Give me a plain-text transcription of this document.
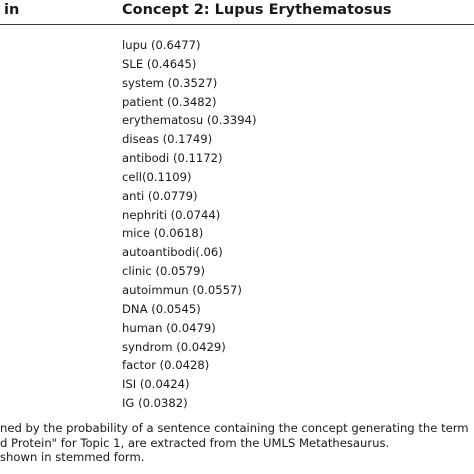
in	Concept 2: Lupus Erythematosus
lupu (0.6477)
SLE (0.4645)
system (0.3527)
patient (0.3482)
erythematosu (0.3394)
diseas (0.1749)
antibodi (0.1172)
cell(0.1109)
anti (0.0779)
nephriti (0.0744)
mice (0.0618)
autoantibodi(.06)
clinic (0.0579)
autoimmun (0.0557)
DNA (0.0545)
human (0.0479)
syndrom (0.0429)
factor (0.0428)
ISI (0.0424)
IG (0.0382)
ned by the probability of a sentence containing the concept generating the term
d Protein" for Topic 1, are extracted from the UMLS Metathesaurus.
shown in stemmed form.
